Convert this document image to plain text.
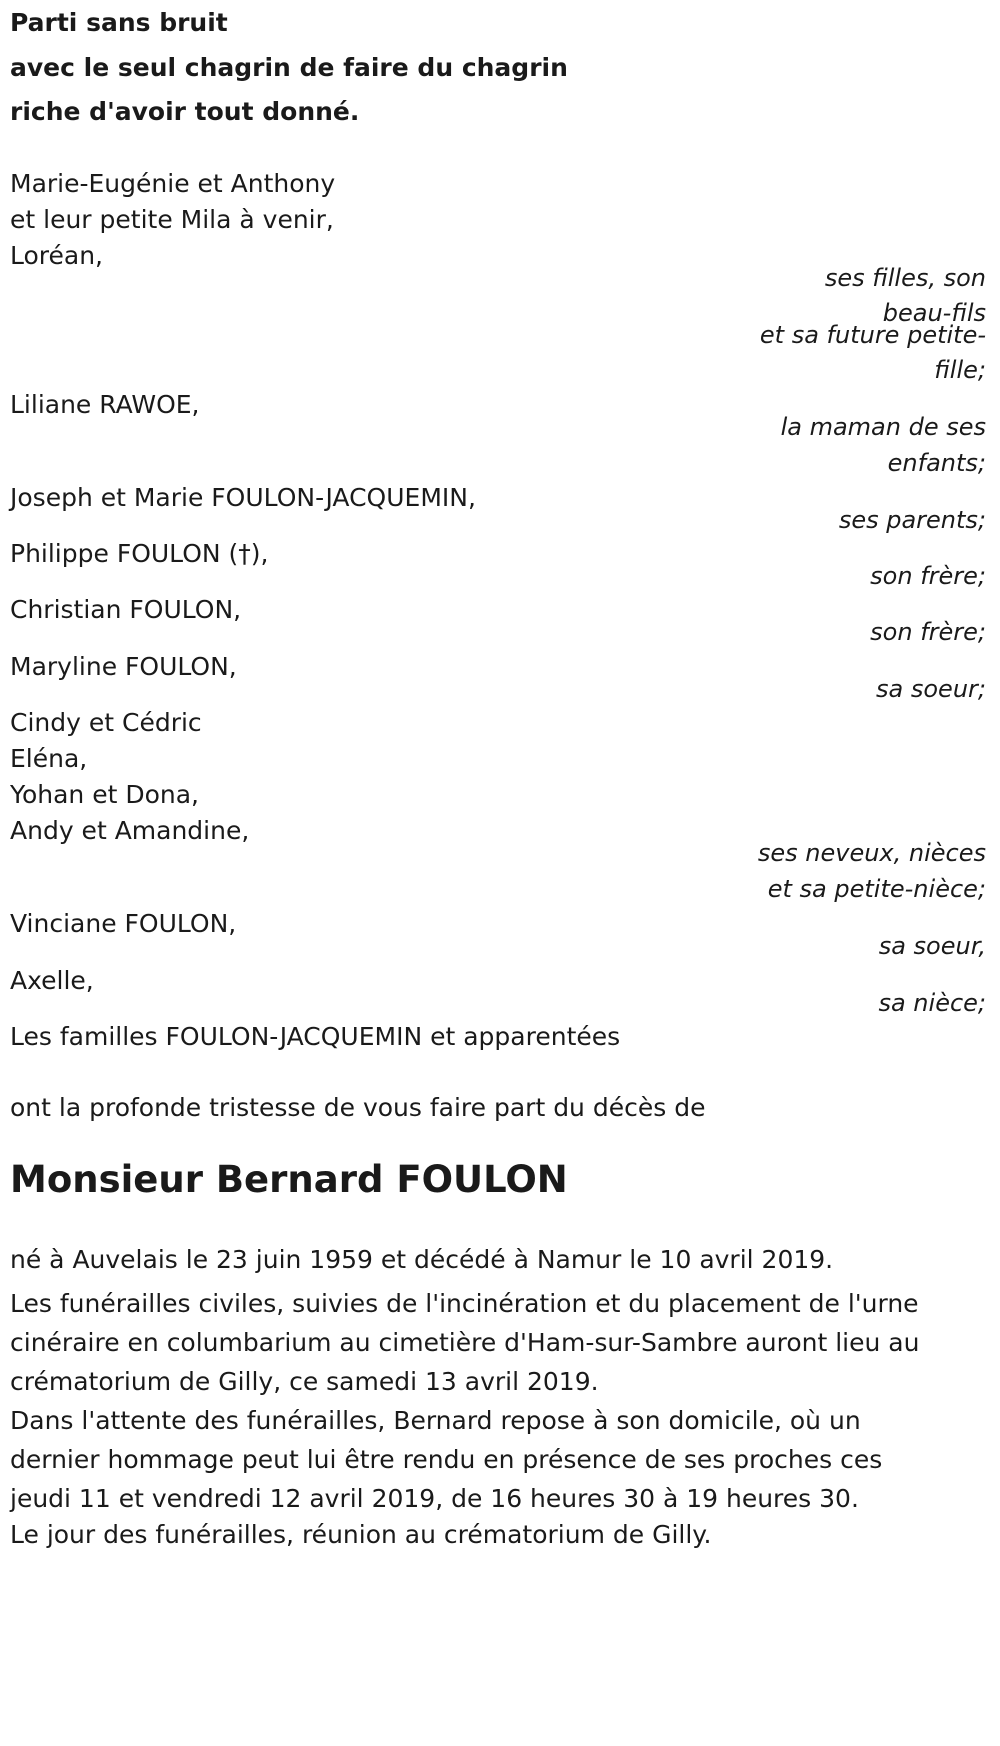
Parti sans bruit
avec le seul chagrin de faire du chagrin
riche d'avoir tout donné.
Marie-Eugénie et Anthony
et leur petite Mila à venir,
Loréan,
ses filles, son
beau-fils
et sa future petite-
fille;
Liliane RAWOE,
la maman de ses
enfants;
Joseph et Marie FOULON-JACQUEMIN,
ses parents;
Philippe FOULON (†),
son frère;
Christian FOULON,
son frère;
Maryline FOULON,
sa soeur;
Cindy et Cédric
Eléna,
Yohan et Dona,
Andy et Amandine,
ses neveux, nièces
et sa petite-nièce;
Vinciane FOULON,
sa soeur,
Axelle,
sa nièce;
Les familles FOULON-JACQUEMIN et apparentées
ont la profonde tristesse de vous faire part du décès de
Monsieur Bernard FOULON
né à Auvelais le 23 juin 1959 et décédé à Namur le 10 avril 2019.
Les funérailles civiles, suivies de l'incinération et du placement de l'urne
cinéraire en columbarium au cimetière d'Ham-sur-Sambre auront lieu au
crématorium de Gilly, ce samedi 13 avril 2019.
Dans l'attente des funérailles, Bernard repose à son domicile, où un
dernier hommage peut lui être rendu en présence de ses proches ces
jeudi 11 et vendredi 12 avril 2019, de 16 heures 30 à 19 heures 30.
Le jour des funérailles, réunion au crématorium de Gilly.
